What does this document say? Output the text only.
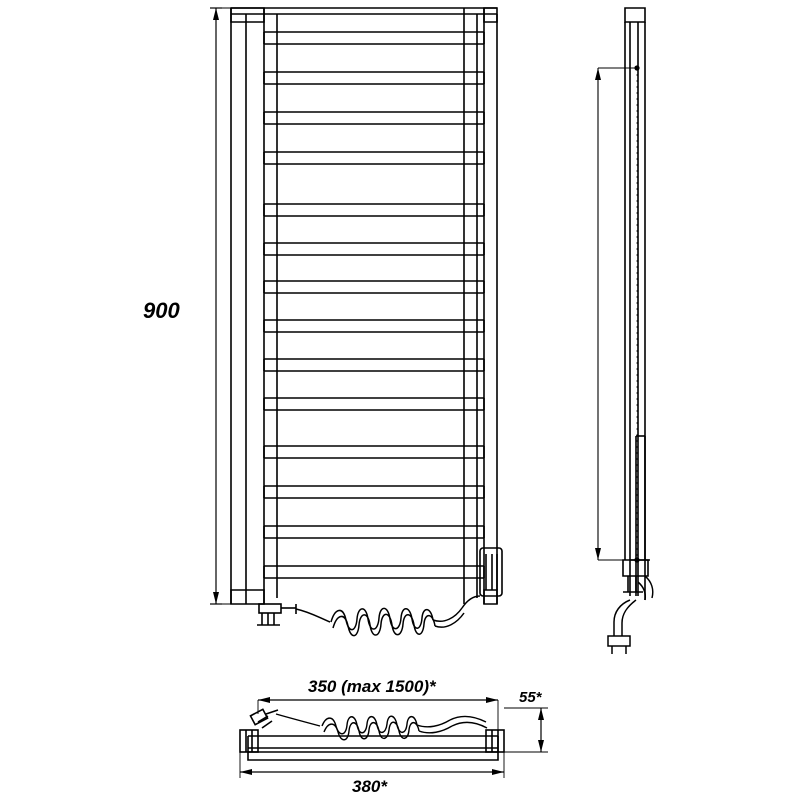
900
350 (max 1500)*
380*
55*
